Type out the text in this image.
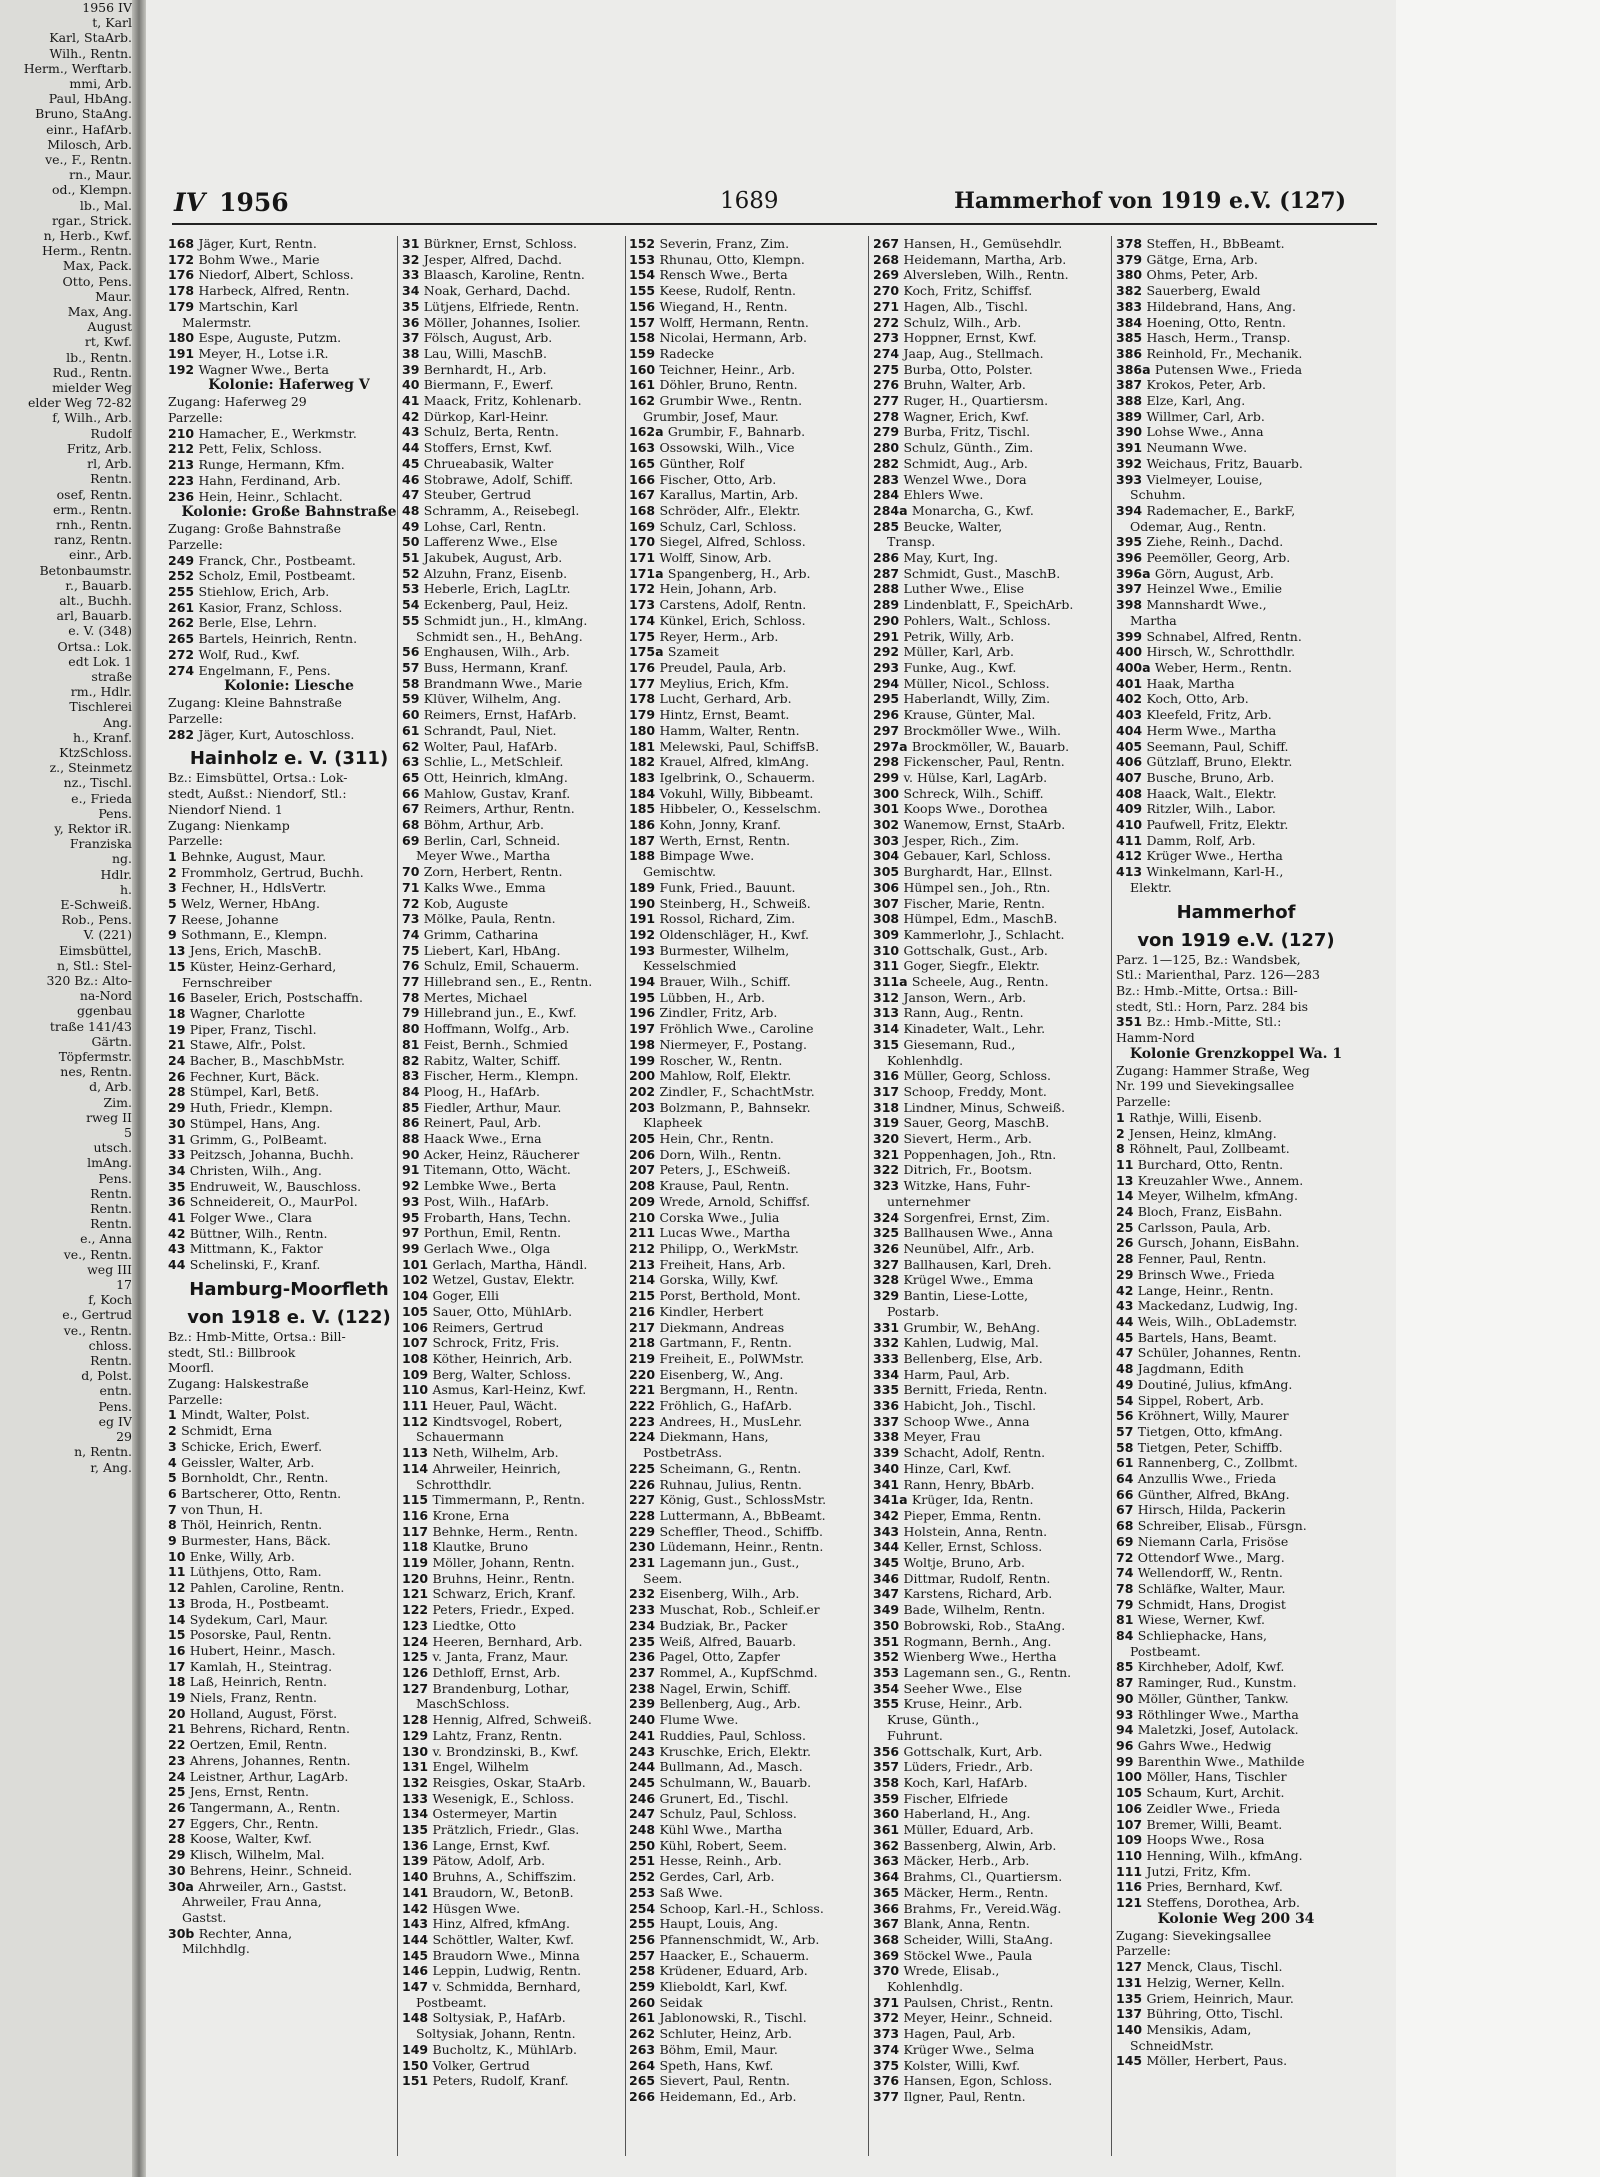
1956 IV
t, Karl
Karl, StaArb.
Wilh., Rentn.
Herm., Werftarb.
mmi, Arb.
Paul, HbAng.
Bruno, StaAng.
einr., HafArb.
Milosch, Arb.
ve., F., Rentn.
rn., Maur.
od., Klempn.
lb., Mal.
rgar., Strick.
n, Herb., Kwf.
Herm., Rentn.
Max, Pack.
Otto, Pens.
Maur.
Max, Ang.
August
rt, Kwf.
lb., Rentn.
Rud., Rentn.
mielder Weg
elder Weg 72-82
f, Wilh., Arb.
Rudolf
Fritz, Arb.
rl, Arb.
Rentn.
osef, Rentn.
erm., Rentn.
rnh., Rentn.
ranz, Rentn.
einr., Arb.
Betonbaumstr.
r., Bauarb.
alt., Buchh.
arl, Bauarb.
e. V. (348)
Ortsa.: Lok.
edt Lok. 1
straße
rm., Hdlr.
Tischlerei
Ang.
h., Kranf.
KtzSchloss.
z., Steinmetz
nz., Tischl.
e., Frieda
Pens.
y, Rektor iR.
Franziska
ng.
Hdlr.
h.
E-Schweiß.
Rob., Pens.
V. (221)
Eimsbüttel,
n, Stl.: Stel-
320 Bz.: Alto-
na-Nord
ggenbau
traße 141/43
Gärtn.
Töpfermstr.
nes, Rentn.
d, Arb.
Zim.
rweg II
5
utsch.
lmAng.
Pens.
Rentn.
Rentn.
Rentn.
e., Anna
ve., Rentn.
weg III
17
f, Koch
e., Gertrud
ve., Rentn.
chloss.
Rentn.
d, Polst.
entn.
Pens.
eg IV
29
n, Rentn.
r, Ang.
IV 1956	1689	Hammerhof von 1919 e.V. (127)
168 Jäger, Kurt, Rentn.
172 Bohm Wwe., Marie
176 Niedorf, Albert, Schloss.
178 Harbeck, Alfred, Rentn.
179 Martschin, Karl
Malermstr.
180 Espe, Auguste, Putzm.
191 Meyer, H., Lotse i.R.
192 Wagner Wwe., Berta
Kolonie: Haferweg V
Zugang: Haferweg 29
Parzelle:
210 Hamacher, E., Werkmstr.
212 Pett, Felix, Schloss.
213 Runge, Hermann, Kfm.
223 Hahn, Ferdinand, Arb.
236 Hein, Heinr., Schlacht.
Kolonie: Große Bahnstraße
Zugang: Große Bahnstraße
Parzelle:
249 Franck, Chr., Postbeamt.
252 Scholz, Emil, Postbeamt.
255 Stiehlow, Erich, Arb.
261 Kasior, Franz, Schloss.
262 Berle, Else, Lehrn.
265 Bartels, Heinrich, Rentn.
272 Wolf, Rud., Kwf.
274 Engelmann, F., Pens.
Kolonie: Liesche
Zugang: Kleine Bahnstraße
Parzelle:
282 Jäger, Kurt, Autoschloss.
Hainholz e. V. (311)
Bz.: Eimsbüttel, Ortsa.: Lok-
stedt, Außst.: Niendorf, Stl.:
Niendorf Niend. 1
Zugang: Nienkamp
Parzelle:
1 Behnke, August, Maur.
2 Frommholz, Gertrud, Buchh.
3 Fechner, H., HdlsVertr.
5 Welz, Werner, HbAng.
7 Reese, Johanne
9 Sothmann, E., Klempn.
13 Jens, Erich, MaschB.
15 Küster, Heinz-Gerhard,
Fernschreiber
16 Baseler, Erich, Postschaffn.
18 Wagner, Charlotte
19 Piper, Franz, Tischl.
21 Stawe, Alfr., Polst.
24 Bacher, B., MaschbMstr.
26 Fechner, Kurt, Bäck.
28 Stümpel, Karl, Betß.
29 Huth, Friedr., Klempn.
30 Stümpel, Hans, Ang.
31 Grimm, G., PolBeamt.
33 Peitzsch, Johanna, Buchh.
34 Christen, Wilh., Ang.
35 Endruweit, W., Bauschloss.
36 Schneidereit, O., MaurPol.
41 Folger Wwe., Clara
42 Büttner, Wilh., Rentn.
43 Mittmann, K., Faktor
44 Schelinski, F., Kranf.
Hamburg-Moorfleth
von 1918 e. V. (122)
Bz.: Hmb-Mitte, Ortsa.: Bill-
stedt, Stl.: Billbrook
Moorfl.
Zugang: Halskestraße
Parzelle:
1 Mindt, Walter, Polst.
2 Schmidt, Erna
3 Schicke, Erich, Ewerf.
4 Geissler, Walter, Arb.
5 Bornholdt, Chr., Rentn.
6 Bartscherer, Otto, Rentn.
7 von Thun, H.
8 Thöl, Heinrich, Rentn.
9 Burmester, Hans, Bäck.
10 Enke, Willy, Arb.
11 Lüthjens, Otto, Ram.
12 Pahlen, Caroline, Rentn.
13 Broda, H., Postbeamt.
14 Sydekum, Carl, Maur.
15 Posorske, Paul, Rentn.
16 Hubert, Heinr., Masch.
17 Kamlah, H., Steintrag.
18 Laß, Heinrich, Rentn.
19 Niels, Franz, Rentn.
20 Holland, August, Först.
21 Behrens, Richard, Rentn.
22 Oertzen, Emil, Rentn.
23 Ahrens, Johannes, Rentn.
24 Leistner, Arthur, LagArb.
25 Jens, Ernst, Rentn.
26 Tangermann, A., Rentn.
27 Eggers, Chr., Rentn.
28 Koose, Walter, Kwf.
29 Klisch, Wilhelm, Mal.
30 Behrens, Heinr., Schneid.
30a Ahrweiler, Arn., Gastst.
Ahrweiler, Frau Anna,
Gastst.
30b Rechter, Anna,
Milchhdlg.
31 Bürkner, Ernst, Schloss.
32 Jesper, Alfred, Dachd.
33 Blaasch, Karoline, Rentn.
34 Noak, Gerhard, Dachd.
35 Lütjens, Elfriede, Rentn.
36 Möller, Johannes, Isolier.
37 Fölsch, August, Arb.
38 Lau, Willi, MaschB.
39 Bernhardt, H., Arb.
40 Biermann, F., Ewerf.
41 Maack, Fritz, Kohlenarb.
42 Dürkop, Karl-Heinr.
43 Schulz, Berta, Rentn.
44 Stoffers, Ernst, Kwf.
45 Chrueabasik, Walter
46 Stobrawe, Adolf, Schiff.
47 Steuber, Gertrud
48 Schramm, A., Reisebegl.
49 Lohse, Carl, Rentn.
50 Lafferenz Wwe., Else
51 Jakubek, August, Arb.
52 Alzuhn, Franz, Eisenb.
53 Heberle, Erich, LagLtr.
54 Eckenberg, Paul, Heiz.
55 Schmidt jun., H., klmAng.
Schmidt sen., H., BehAng.
56 Enghausen, Wilh., Arb.
57 Buss, Hermann, Kranf.
58 Brandmann Wwe., Marie
59 Klüver, Wilhelm, Ang.
60 Reimers, Ernst, HafArb.
61 Schrandt, Paul, Niet.
62 Wolter, Paul, HafArb.
63 Schlie, L., MetSchleif.
65 Ott, Heinrich, klmAng.
66 Mahlow, Gustav, Kranf.
67 Reimers, Arthur, Rentn.
68 Böhm, Arthur, Arb.
69 Berlin, Carl, Schneid.
Meyer Wwe., Martha
70 Zorn, Herbert, Rentn.
71 Kalks Wwe., Emma
72 Kob, Auguste
73 Mölke, Paula, Rentn.
74 Grimm, Catharina
75 Liebert, Karl, HbAng.
76 Schulz, Emil, Schauerm.
77 Hillebrand sen., E., Rentn.
78 Mertes, Michael
79 Hillebrand jun., E., Kwf.
80 Hoffmann, Wolfg., Arb.
81 Feist, Bernh., Schmied
82 Rabitz, Walter, Schiff.
83 Fischer, Herm., Klempn.
84 Ploog, H., HafArb.
85 Fiedler, Arthur, Maur.
86 Reinert, Paul, Arb.
88 Haack Wwe., Erna
90 Acker, Heinz, Räucherer
91 Titemann, Otto, Wächt.
92 Lembke Wwe., Berta
93 Post, Wilh., HafArb.
95 Frobarth, Hans, Techn.
97 Porthun, Emil, Rentn.
99 Gerlach Wwe., Olga
101 Gerlach, Martha, Händl.
102 Wetzel, Gustav, Elektr.
104 Goger, Elli
105 Sauer, Otto, MühlArb.
106 Reimers, Gertrud
107 Schrock, Fritz, Fris.
108 Köther, Heinrich, Arb.
109 Berg, Walter, Schloss.
110 Asmus, Karl-Heinz, Kwf.
111 Heuer, Paul, Wächt.
112 Kindtsvogel, Robert,
Schauermann
113 Neth, Wilhelm, Arb.
114 Ahrweiler, Heinrich,
Schrotthdlr.
115 Timmermann, P., Rentn.
116 Krone, Erna
117 Behnke, Herm., Rentn.
118 Klautke, Bruno
119 Möller, Johann, Rentn.
120 Bruhns, Heinr., Rentn.
121 Schwarz, Erich, Kranf.
122 Peters, Friedr., Exped.
123 Liedtke, Otto
124 Heeren, Bernhard, Arb.
125 v. Janta, Franz, Maur.
126 Dethloff, Ernst, Arb.
127 Brandenburg, Lothar,
MaschSchloss.
128 Hennig, Alfred, Schweiß.
129 Lahtz, Franz, Rentn.
130 v. Brondzinski, B., Kwf.
131 Engel, Wilhelm
132 Reisgies, Oskar, StaArb.
133 Wesenigk, E., Schloss.
134 Ostermeyer, Martin
135 Prätzlich, Friedr., Glas.
136 Lange, Ernst, Kwf.
139 Pätow, Adolf, Arb.
140 Bruhns, A., Schiffszim.
141 Braudorn, W., BetonB.
142 Hüsgen Wwe.
143 Hinz, Alfred, kfmAng.
144 Schöttler, Walter, Kwf.
145 Braudorn Wwe., Minna
146 Leppin, Ludwig, Rentn.
147 v. Schmidda, Bernhard,
Postbeamt.
148 Soltysiak, P., HafArb.
Soltysiak, Johann, Rentn.
149 Bucholtz, K., MühlArb.
150 Volker, Gertrud
151 Peters, Rudolf, Kranf.
152 Severin, Franz, Zim.
153 Rhunau, Otto, Klempn.
154 Rensch Wwe., Berta
155 Keese, Rudolf, Rentn.
156 Wiegand, H., Rentn.
157 Wolff, Hermann, Rentn.
158 Nicolai, Hermann, Arb.
159 Radecke
160 Teichner, Heinr., Arb.
161 Döhler, Bruno, Rentn.
162 Grumbir Wwe., Rentn.
Grumbir, Josef, Maur.
162a Grumbir, F., Bahnarb.
163 Ossowski, Wilh., Vice
165 Günther, Rolf
166 Fischer, Otto, Arb.
167 Karallus, Martin, Arb.
168 Schröder, Alfr., Elektr.
169 Schulz, Carl, Schloss.
170 Siegel, Alfred, Schloss.
171 Wolff, Sinow, Arb.
171a Spangenberg, H., Arb.
172 Hein, Johann, Arb.
173 Carstens, Adolf, Rentn.
174 Künkel, Erich, Schloss.
175 Reyer, Herm., Arb.
175a Szameit
176 Preudel, Paula, Arb.
177 Meylius, Erich, Kfm.
178 Lucht, Gerhard, Arb.
179 Hintz, Ernst, Beamt.
180 Hamm, Walter, Rentn.
181 Melewski, Paul, SchiffsB.
182 Krauel, Alfred, klmAng.
183 Igelbrink, O., Schauerm.
184 Vokuhl, Willy, Bibbeamt.
185 Hibbeler, O., Kesselschm.
186 Kohn, Jonny, Kranf.
187 Werth, Ernst, Rentn.
188 Bimpage Wwe.
Gemischtw.
189 Funk, Fried., Bauunt.
190 Steinberg, H., Schweiß.
191 Rossol, Richard, Zim.
192 Oldenschläger, H., Kwf.
193 Burmester, Wilhelm,
Kesselschmied
194 Brauer, Wilh., Schiff.
195 Lübben, H., Arb.
196 Zindler, Fritz, Arb.
197 Fröhlich Wwe., Caroline
198 Niermeyer, F., Postang.
199 Roscher, W., Rentn.
200 Mahlow, Rolf, Elektr.
202 Zindler, F., SchachtMstr.
203 Bolzmann, P., Bahnsekr.
Klapheek
205 Hein, Chr., Rentn.
206 Dorn, Wilh., Rentn.
207 Peters, J., ESchweiß.
208 Krause, Paul, Rentn.
209 Wrede, Arnold, Schiffsf.
210 Corska Wwe., Julia
211 Lucas Wwe., Martha
212 Philipp, O., WerkMstr.
213 Freiheit, Hans, Arb.
214 Gorska, Willy, Kwf.
215 Porst, Berthold, Mont.
216 Kindler, Herbert
217 Diekmann, Andreas
218 Gartmann, F., Rentn.
219 Freiheit, E., PolWMstr.
220 Eisenberg, W., Ang.
221 Bergmann, H., Rentn.
222 Fröhlich, G., HafArb.
223 Andrees, H., MusLehr.
224 Diekmann, Hans,
PostbetrAss.
225 Scheimann, G., Rentn.
226 Ruhnau, Julius, Rentn.
227 König, Gust., SchlossMstr.
228 Luttermann, A., BbBeamt.
229 Scheffler, Theod., Schiffb.
230 Lüdemann, Heinr., Rentn.
231 Lagemann jun., Gust.,
Seem.
232 Eisenberg, Wilh., Arb.
233 Muschat, Rob., Schleif.er
234 Budziak, Br., Packer
235 Weiß, Alfred, Bauarb.
236 Pagel, Otto, Zapfer
237 Rommel, A., KupfSchmd.
238 Nagel, Erwin, Schiff.
239 Bellenberg, Aug., Arb.
240 Flume Wwe.
241 Ruddies, Paul, Schloss.
243 Kruschke, Erich, Elektr.
244 Bullmann, Ad., Masch.
245 Schulmann, W., Bauarb.
246 Grunert, Ed., Tischl.
247 Schulz, Paul, Schloss.
248 Kühl Wwe., Martha
250 Kühl, Robert, Seem.
251 Hesse, Reinh., Arb.
252 Gerdes, Carl, Arb.
253 Saß Wwe.
254 Schoop, Karl.-H., Schloss.
255 Haupt, Louis, Ang.
256 Pfannenschmidt, W., Arb.
257 Haacker, E., Schauerm.
258 Krüdener, Eduard, Arb.
259 Klieboldt, Karl, Kwf.
260 Seidak
261 Jablonowski, R., Tischl.
262 Schluter, Heinz, Arb.
263 Böhm, Emil, Maur.
264 Speth, Hans, Kwf.
265 Sievert, Paul, Rentn.
266 Heidemann, Ed., Arb.
267 Hansen, H., Gemüsehdlr.
268 Heidemann, Martha, Arb.
269 Alversleben, Wilh., Rentn.
270 Koch, Fritz, Schiffsf.
271 Hagen, Alb., Tischl.
272 Schulz, Wilh., Arb.
273 Hoppner, Ernst, Kwf.
274 Jaap, Aug., Stellmach.
275 Burba, Otto, Polster.
276 Bruhn, Walter, Arb.
277 Ruger, H., Quartiersm.
278 Wagner, Erich, Kwf.
279 Burba, Fritz, Tischl.
280 Schulz, Günth., Zim.
282 Schmidt, Aug., Arb.
283 Wenzel Wwe., Dora
284 Ehlers Wwe.
284a Monarcha, G., Kwf.
285 Beucke, Walter,
Transp.
286 May, Kurt, Ing.
287 Schmidt, Gust., MaschB.
288 Luther Wwe., Elise
289 Lindenblatt, F., SpeichArb.
290 Pohlers, Walt., Schloss.
291 Petrik, Willy, Arb.
292 Müller, Karl, Arb.
293 Funke, Aug., Kwf.
294 Müller, Nicol., Schloss.
295 Haberlandt, Willy, Zim.
296 Krause, Günter, Mal.
297 Brockmöller Wwe., Wilh.
297a Brockmöller, W., Bauarb.
298 Fickenscher, Paul, Rentn.
299 v. Hülse, Karl, LagArb.
300 Schreck, Wilh., Schiff.
301 Koops Wwe., Dorothea
302 Wanemow, Ernst, StaArb.
303 Jesper, Rich., Zim.
304 Gebauer, Karl, Schloss.
305 Burghardt, Har., Ellnst.
306 Hümpel sen., Joh., Rtn.
307 Fischer, Marie, Rentn.
308 Hümpel, Edm., MaschB.
309 Kammerlohr, J., Schlacht.
310 Gottschalk, Gust., Arb.
311 Goger, Siegfr., Elektr.
311a Scheele, Aug., Rentn.
312 Janson, Wern., Arb.
313 Rann, Aug., Rentn.
314 Kinadeter, Walt., Lehr.
315 Giesemann, Rud.,
Kohlenhdlg.
316 Müller, Georg, Schloss.
317 Schoop, Freddy, Mont.
318 Lindner, Minus, Schweiß.
319 Sauer, Georg, MaschB.
320 Sievert, Herm., Arb.
321 Poppenhagen, Joh., Rtn.
322 Ditrich, Fr., Bootsm.
323 Witzke, Hans, Fuhr-
unternehmer
324 Sorgenfrei, Ernst, Zim.
325 Ballhausen Wwe., Anna
326 Neunübel, Alfr., Arb.
327 Ballhausen, Karl, Dreh.
328 Krügel Wwe., Emma
329 Bantin, Liese-Lotte,
Postarb.
331 Grumbir, W., BehAng.
332 Kahlen, Ludwig, Mal.
333 Bellenberg, Else, Arb.
334 Harm, Paul, Arb.
335 Bernitt, Frieda, Rentn.
336 Habicht, Joh., Tischl.
337 Schoop Wwe., Anna
338 Meyer, Frau
339 Schacht, Adolf, Rentn.
340 Hinze, Carl, Kwf.
341 Rann, Henry, BbArb.
341a Krüger, Ida, Rentn.
342 Pieper, Emma, Rentn.
343 Holstein, Anna, Rentn.
344 Keller, Ernst, Schloss.
345 Woltje, Bruno, Arb.
346 Dittmar, Rudolf, Rentn.
347 Karstens, Richard, Arb.
349 Bade, Wilhelm, Rentn.
350 Bobrowski, Rob., StaAng.
351 Rogmann, Bernh., Ang.
352 Wienberg Wwe., Hertha
353 Lagemann sen., G., Rentn.
354 Seeher Wwe., Else
355 Kruse, Heinr., Arb.
Kruse, Günth.,
Fuhrunt.
356 Gottschalk, Kurt, Arb.
357 Lüders, Friedr., Arb.
358 Koch, Karl, HafArb.
359 Fischer, Elfriede
360 Haberland, H., Ang.
361 Müller, Eduard, Arb.
362 Bassenberg, Alwin, Arb.
363 Mäcker, Herb., Arb.
364 Brahms, Cl., Quartiersm.
365 Mäcker, Herm., Rentn.
366 Brahms, Fr., Vereid.Wäg.
367 Blank, Anna, Rentn.
368 Scheider, Willi, StaAng.
369 Stöckel Wwe., Paula
370 Wrede, Elisab.,
Kohlenhdlg.
371 Paulsen, Christ., Rentn.
372 Meyer, Heinr., Schneid.
373 Hagen, Paul, Arb.
374 Krüger Wwe., Selma
375 Kolster, Willi, Kwf.
376 Hansen, Egon, Schloss.
377 Ilgner, Paul, Rentn.
378 Steffen, H., BbBeamt.
379 Gätge, Erna, Arb.
380 Ohms, Peter, Arb.
382 Sauerberg, Ewald
383 Hildebrand, Hans, Ang.
384 Hoening, Otto, Rentn.
385 Hasch, Herm., Transp.
386 Reinhold, Fr., Mechanik.
386a Putensen Wwe., Frieda
387 Krokos, Peter, Arb.
388 Elze, Karl, Ang.
389 Willmer, Carl, Arb.
390 Lohse Wwe., Anna
391 Neumann Wwe.
392 Weichaus, Fritz, Bauarb.
393 Vielmeyer, Louise,
Schuhm.
394 Rademacher, E., BarkF,
Odemar, Aug., Rentn.
395 Ziehe, Reinh., Dachd.
396 Peemöller, Georg, Arb.
396a Görn, August, Arb.
397 Heinzel Wwe., Emilie
398 Mannshardt Wwe.,
Martha
399 Schnabel, Alfred, Rentn.
400 Hirsch, W., Schrotthdlr.
400a Weber, Herm., Rentn.
401 Haak, Martha
402 Koch, Otto, Arb.
403 Kleefeld, Fritz, Arb.
404 Herm Wwe., Martha
405 Seemann, Paul, Schiff.
406 Gützlaff, Bruno, Elektr.
407 Busche, Bruno, Arb.
408 Haack, Walt., Elektr.
409 Ritzler, Wilh., Labor.
410 Paufwell, Fritz, Elektr.
411 Damm, Rolf, Arb.
412 Krüger Wwe., Hertha
413 Winkelmann, Karl-H.,
Elektr.
Hammerhof
von 1919 e.V. (127)
Parz. 1—125, Bz.: Wandsbek,
Stl.: Marienthal, Parz. 126—283
Bz.: Hmb.-Mitte, Ortsa.: Bill-
stedt, Stl.: Horn, Parz. 284 bis
351 Bz.: Hmb.-Mitte, Stl.:
Hamm-Nord
Kolonie Grenzkoppel Wa. 1
Zugang: Hammer Straße, Weg
Nr. 199 und Sievekingsallee
Parzelle:
1 Rathje, Willi, Eisenb.
2 Jensen, Heinz, klmAng.
8 Röhnelt, Paul, Zollbeamt.
11 Burchard, Otto, Rentn.
13 Kreuzahler Wwe., Annem.
14 Meyer, Wilhelm, kfmAng.
24 Bloch, Franz, EisBahn.
25 Carlsson, Paula, Arb.
26 Gursch, Johann, EisBahn.
28 Fenner, Paul, Rentn.
29 Brinsch Wwe., Frieda
42 Lange, Heinr., Rentn.
43 Mackedanz, Ludwig, Ing.
44 Weis, Wilh., ObLademstr.
45 Bartels, Hans, Beamt.
47 Schüler, Johannes, Rentn.
48 Jagdmann, Edith
49 Doutiné, Julius, kfmAng.
54 Sippel, Robert, Arb.
56 Kröhnert, Willy, Maurer
57 Tietgen, Otto, kfmAng.
58 Tietgen, Peter, Schiffb.
61 Rannenberg, C., Zollbmt.
64 Anzullis Wwe., Frieda
66 Günther, Alfred, BkAng.
67 Hirsch, Hilda, Packerin
68 Schreiber, Elisab., Fürsgn.
69 Niemann Carla, Frisöse
72 Ottendorf Wwe., Marg.
74 Wellendorff, W., Rentn.
78 Schläfke, Walter, Maur.
79 Schmidt, Hans, Drogist
81 Wiese, Werner, Kwf.
84 Schliephacke, Hans,
Postbeamt.
85 Kirchheber, Adolf, Kwf.
87 Raminger, Rud., Kunstm.
90 Möller, Günther, Tankw.
93 Röthlinger Wwe., Martha
94 Maletzki, Josef, Autolack.
96 Gahrs Wwe., Hedwig
99 Barenthin Wwe., Mathilde
100 Möller, Hans, Tischler
105 Schaum, Kurt, Archit.
106 Zeidler Wwe., Frieda
107 Bremer, Willi, Beamt.
109 Hoops Wwe., Rosa
110 Henning, Wilh., kfmAng.
111 Jutzi, Fritz, Kfm.
116 Pries, Bernhard, Kwf.
121 Steffens, Dorothea, Arb.
Kolonie Weg 200 34
Zugang: Sievekingsallee
Parzelle:
127 Menck, Claus, Tischl.
131 Helzig, Werner, Kelln.
135 Griem, Heinrich, Maur.
137 Bühring, Otto, Tischl.
140 Mensikis, Adam,
SchneidMstr.
145 Möller, Herbert, Paus.
